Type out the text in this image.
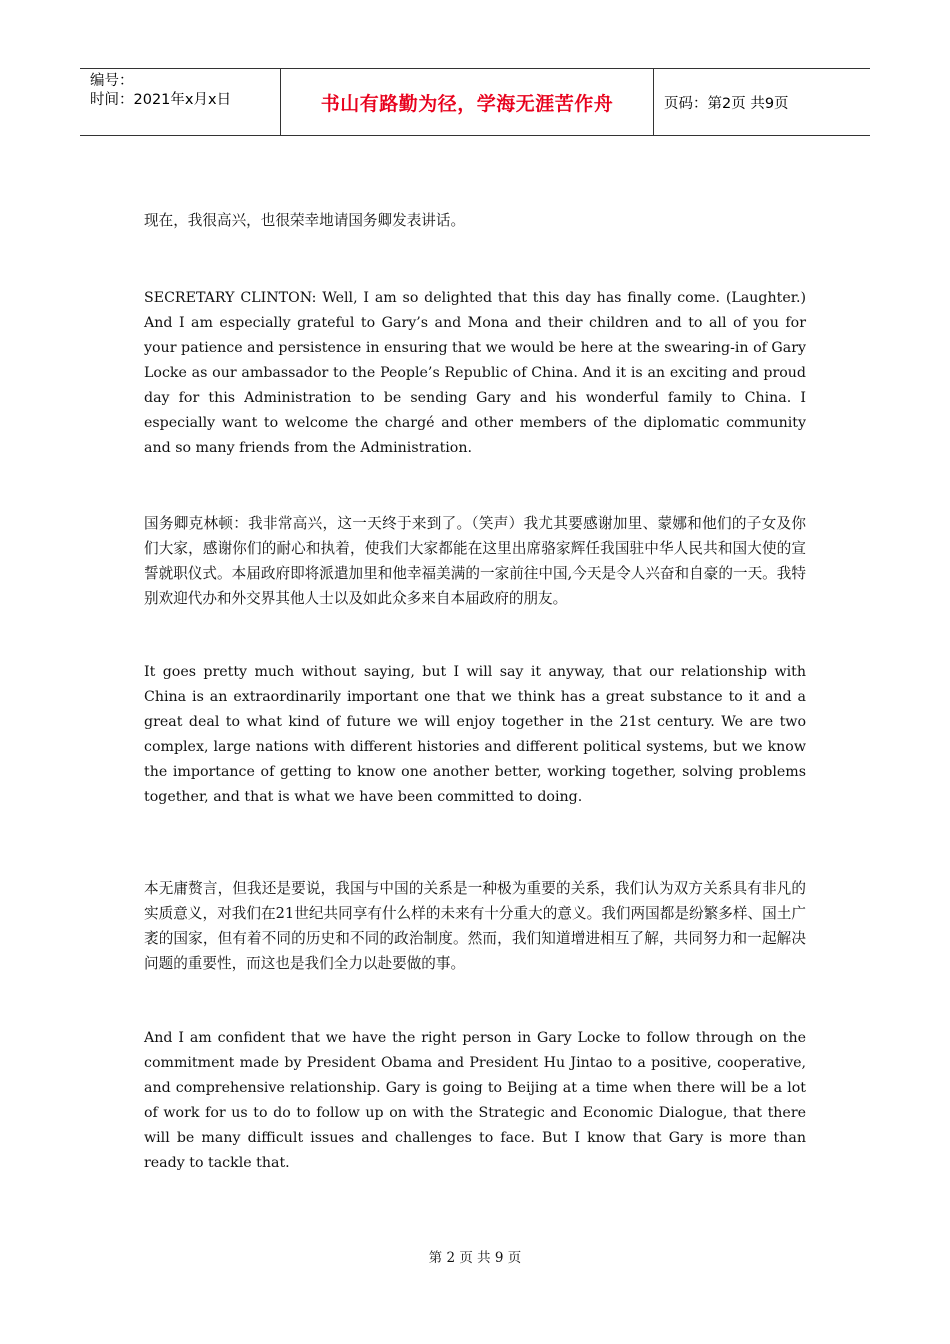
编号：
时间：2021年x月x日	书山有路勤为径，学海无涯苦作舟	页码：第2页 共9页

现在，我很高兴，也很荣幸地请国务卿发表讲话。

SECRETARY CLINTON: Well, I am so delighted that this day has finally come. (Laughter.) And I am especially grateful to Gary’s and Mona and their children and to all of you for your patience and persistence in ensuring that we would be here at the swearing-in of Gary Locke as our ambassador to the People’s Republic of China. And it is an exciting and proud day for this Administration to be sending Gary and his wonderful family to China. I especially want to welcome the chargé and other members of the diplomatic community and so many friends from the Administration.

国务卿克林顿：我非常高兴，这一天终于来到了。（笑声）我尤其要感谢加里、蒙娜和他们的子女及你们大家，感谢你们的耐心和执着，使我们大家都能在这里出席骆家辉任我国驻中华人民共和国大使的宣誓就职仪式。本届政府即将派遣加里和他幸福美满的一家前往中国,今天是令人兴奋和自豪的一天。我特别欢迎代办和外交界其他人士以及如此众多来自本届政府的朋友。

It goes pretty much without saying, but I will say it anyway, that our relationship with China is an extraordinarily important one that we think has a great substance to it and a great deal to what kind of future we will enjoy together in the 21st century. We are two complex, large nations with different histories and different political systems, but we know the importance of getting to know one another better, working together, solving problems together, and that is what we have been committed to doing.

本无庸赘言，但我还是要说，我国与中国的关系是一种极为重要的关系，我们认为双方关系具有非凡的实质意义，对我们在21世纪共同享有什么样的未来有十分重大的意义。我们两国都是纷繁多样、国土广袤的国家，但有着不同的历史和不同的政治制度。然而，我们知道增进相互了解，共同努力和一起解决问题的重要性，而这也是我们全力以赴要做的事。

And I am confident that we have the right person in Gary Locke to follow through on the commitment made by President Obama and President Hu Jintao to a positive, cooperative, and comprehensive relationship. Gary is going to Beijing at a time when there will be a lot of work for us to do to follow up on with the Strategic and Economic Dialogue, that there will be many difficult issues and challenges to face. But I know that Gary is more than ready to tackle that.

第 2 页 共 9 页
